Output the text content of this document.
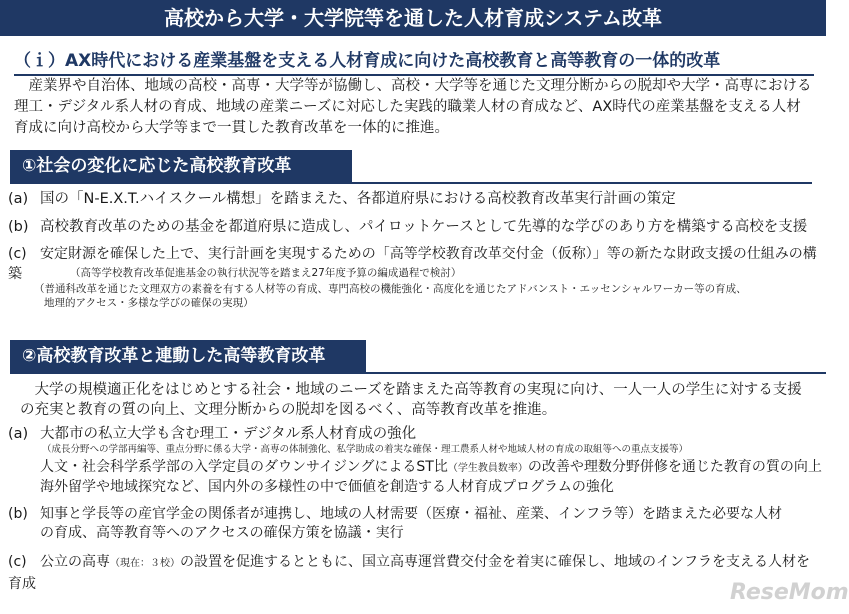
高校から大学・大学院等を通した人材育成システム改革
（ｉ）AX時代における産業基盤を支える人材育成に向けた高校教育と高等教育の一体的改革
産業界や自治体、地域の高校・高専・大学等が協働し、高校・大学等を通じた文理分断からの脱却や大学・高専における理工・デジタル系人材の育成、地域の産業ニーズに対応した実践的職業人材の育成など、AX時代の産業基盤を支える人材育成に向け高校から大学等まで一貫した教育改革を一体的に推進。
①社会の変化に応じた高校教育改革
(a) 国の「N-E.X.T.ハイスクール構想」を踏まえた、各都道府県における高校教育改革実行計画の策定
(b) 高校教育改革のための基金を都道府県に造成し、パイロットケースとして先導的な学びのあり方を構築する高校を支援
(c) 安定財源を確保した上で、実行計画を実現するための「高等学校教育改革交付金（仮称）」等の新たな財政支援の仕組みの構築	（高等学校教育改革促進基金の執行状況等を踏まえ27年度予算の編成過程で検討）
（普通科改革を通じた文理双方の素養を有する人材等の育成、専門高校の機能強化・高度化を通じたアドバンスト・エッセンシャルワーカー等の育成、
地理的アクセス・多様な学びの確保の実現）
②高校教育改革と連動した高等教育改革
大学の規模適正化をはじめとする社会・地域のニーズを踏まえた高等教育の実現に向け、一人一人の学生に対する支援の充実と教育の質の向上、文理分断からの脱却を図るべく、高等教育改革を推進。
(a) 大都市の私立大学も含む理工・デジタル系人材育成の強化
（成長分野への学部再編等、重点分野に係る大学・高専の体制強化、私学助成の着実な確保・理工農系人材や地域人材の育成の取組等への重点支援等）
人文・社会科学系学部の入学定員のダウンサイジングによるST比（学生教員数率）の改善や理数分野併修を通じた教育の質の向上
海外留学や地域探究など、国内外の多様性の中で価値を創造する人材育成プログラムの強化
(b) 知事と学長等の産官学金の関係者が連携し、地域の人材需要（医療・福祉、産業、インフラ等）を踏まえた必要な人材
の育成、高等教育等へのアクセスの確保方策を協議・実行
(c) 公立の高専（現在：３校）の設置を促進するとともに、国立高専運営費交付金を着実に確保し、地域のインフラを支える人材を育成	ReseMom
